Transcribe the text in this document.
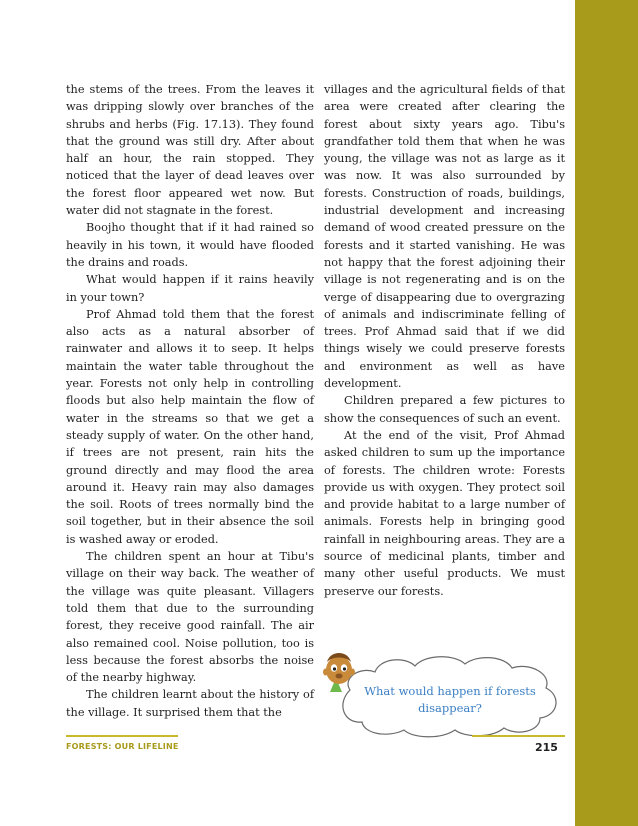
the stems of the trees. From the leaves it was dripping slowly over branches of the shrubs and herbs (Fig. 17.13). They found that the ground was still dry. After about half an hour, the rain stopped. They noticed that the layer of dead leaves over the forest floor appeared wet now. But water did not stagnate in the forest.

Boojho thought that if it had rained so heavily in his town, it would have flooded the drains and roads.

What would happen if it rains heavily in your town?

Prof Ahmad told them that the forest also acts as a natural absorber of rainwater and allows it to seep. It helps maintain the water table throughout the year. Forests not only help in controlling floods but also help maintain the flow of water in the streams so that we get a steady supply of water. On the other hand, if trees are not present, rain hits the ground directly and may flood the area around it. Heavy rain may also damages the soil. Roots of trees normally bind the soil together, but in their absence the soil is washed away or eroded.

The children spent an hour at Tibu's village on their way back. The weather of the village was quite pleasant. Villagers told them that due to the surrounding forest, they receive good rainfall. The air also remained cool. Noise pollution, too is less because the forest absorbs the noise of the nearby highway.

The children learnt about the history of the village. It surprised them that the

villages and the agricultural fields of that area were created after clearing the forest about sixty years ago. Tibu's grandfather told them that when he was young, the village was not as large as it was now. It was also surrounded by forests. Construction of roads, buildings, industrial development and increasing demand of wood created pressure on the forests and it started vanishing. He was not happy that the forest adjoining their village is not regenerating and is on the verge of disappearing due to overgrazing of animals and indiscriminate felling of trees. Prof Ahmad said that if we did things wisely we could preserve forests and environment as well as have development.

Children prepared a few pictures to show the consequences of such an event.

At the end of the visit, Prof Ahmad asked children to sum up the importance of forests. The children wrote: Forests provide us with oxygen. They protect soil and provide habitat to a large number of animals. Forests help in bringing good rainfall in neighbouring areas. They are a source of medicinal plants, timber and many other useful products. We must preserve our forests.

What would happen if forests disappear?
FORESTS: OUR LIFELINE	215
